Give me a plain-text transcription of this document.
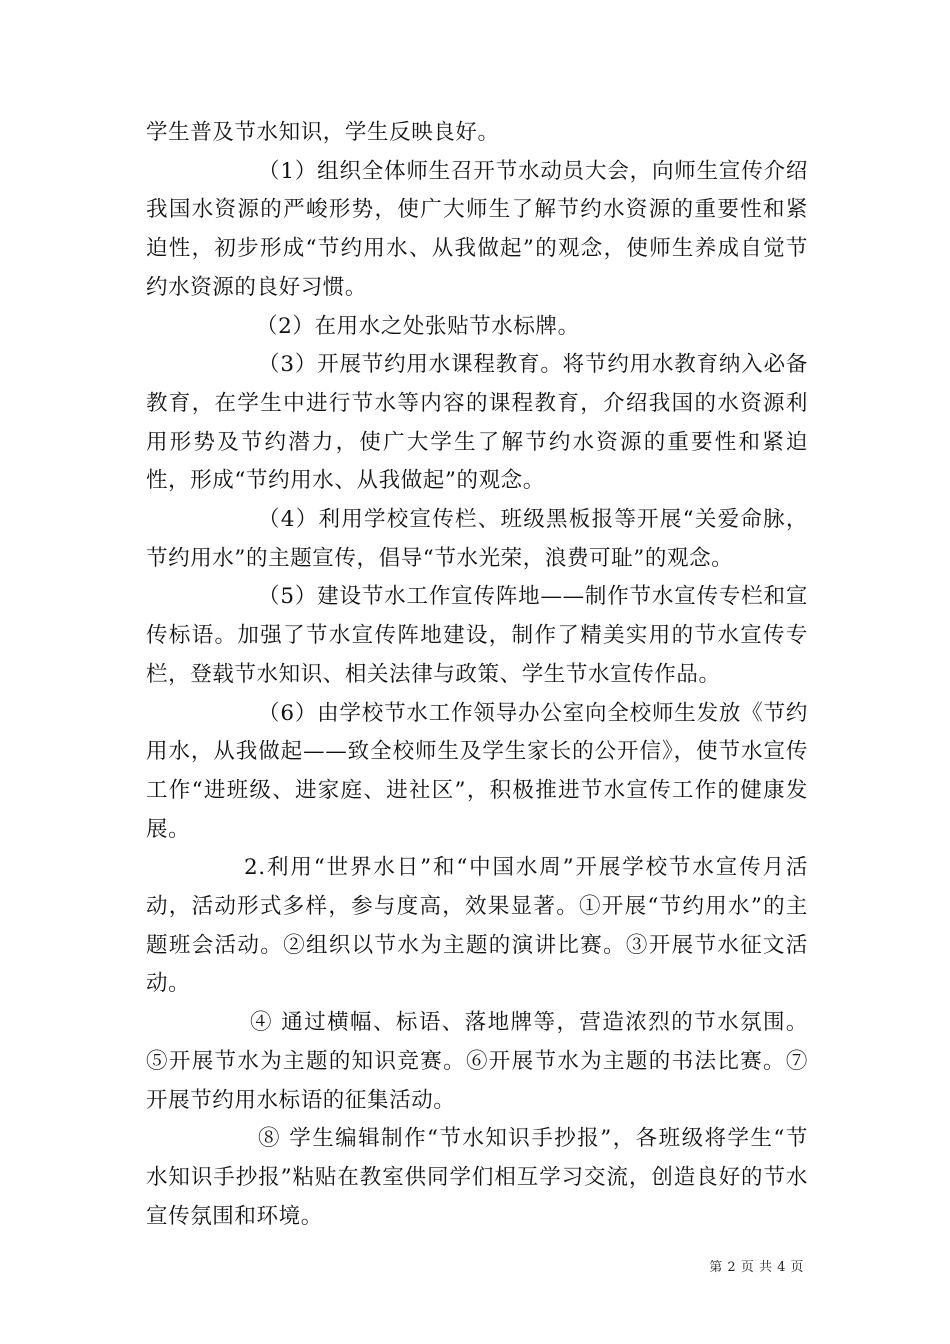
学生普及节水知识，学生反映良好。

（1）组织全体师生召开节水动员大会，向师生宣传介绍我国水资源的严峻形势，使广大师生了解节约水资源的重要性和紧迫性，初步形成“节约用水、从我做起”的观念，使师生养成自觉节约水资源的良好习惯。

（2）在用水之处张贴节水标牌。

（3）开展节约用水课程教育。将节约用水教育纳入必备教育，在学生中进行节水等内容的课程教育，介绍我国的水资源利用形势及节约潜力，使广大学生了解节约水资源的重要性和紧迫性，形成“节约用水、从我做起”的观念。

（4）利用学校宣传栏、班级黑板报等开展“关爱命脉，节约用水”的主题宣传，倡导“节水光荣，浪费可耻”的观念。

（5）建设节水工作宣传阵地——制作节水宣传专栏和宣传标语。加强了节水宣传阵地建设，制作了精美实用的节水宣传专栏，登载节水知识、相关法律与政策、学生节水宣传作品。

（6）由学校节水工作领导办公室向全校师生发放《节约用水，从我做起——致全校师生及学生家长的公开信》，使节水宣传工作“进班级、进家庭、进社区”，积极推进节水宣传工作的健康发展。

2.利用“世界水日”和“中国水周”开展学校节水宣传月活动，活动形式多样，参与度高，效果显著。①开展“节约用水”的主题班会活动。②组织以节水为主题的演讲比赛。③开展节水征文活动。

④ 通过横幅、标语、落地牌等，营造浓烈的节水氛围。⑤开展节水为主题的知识竞赛。⑥开展节水为主题的书法比赛。⑦开展节约用水标语的征集活动。

⑧ 学生编辑制作“节水知识手抄报”，各班级将学生“节水知识手抄报”粘贴在教室供同学们相互学习交流，创造良好的节水宣传氛围和环境。

第 2 页 共 4 页
